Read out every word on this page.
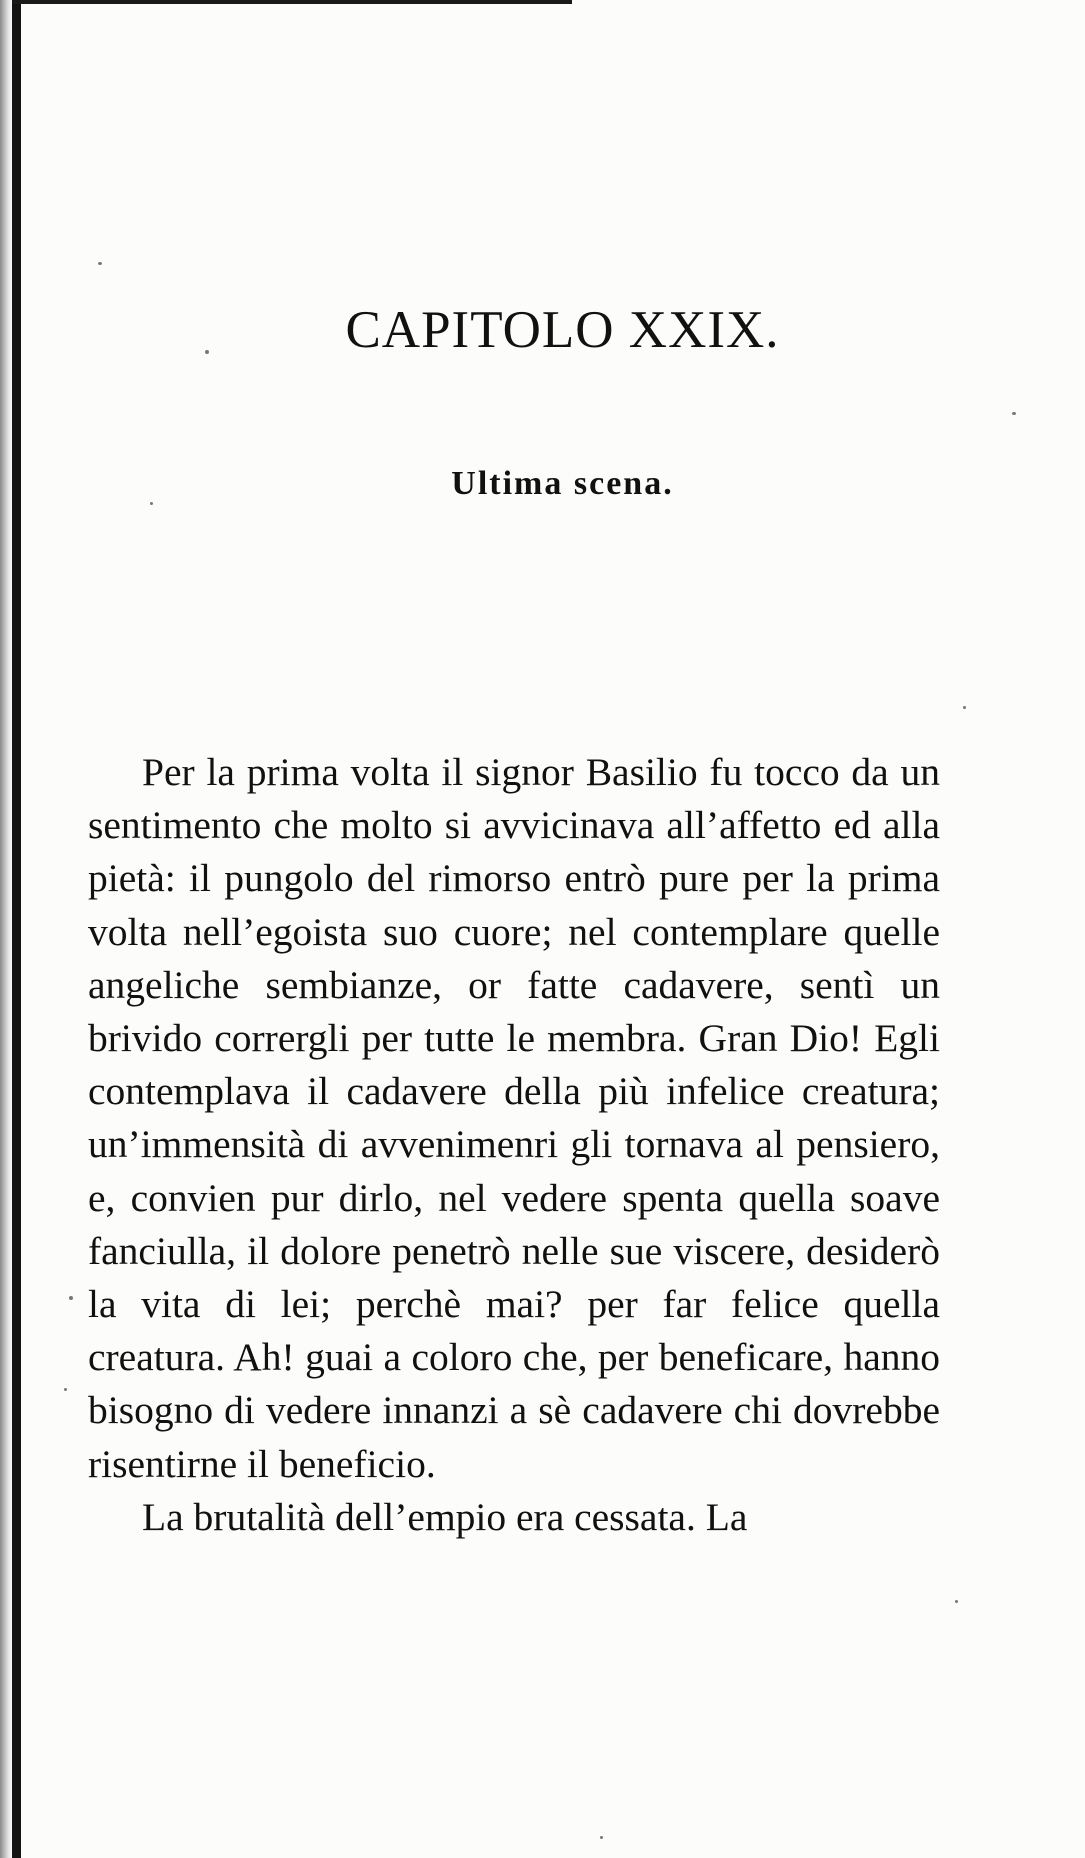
CAPITOLO XXIX.
Ultima scena.

Per la prima volta il signor Basilio fu tocco da un sentimento che molto si avvicinava all’affetto ed alla pietà: il pungolo del rimorso entrò pure per la prima volta nell’egoista suo cuore; nel contemplare quelle angeliche sembianze, or fatte cadavere, sentì un brivido corrergli per tutte le membra. Gran Dio! Egli contemplava il cadavere della più infelice creatura; un’immensità di avvenimenri gli tornava al pensiero, e, convien pur dirlo, nel vedere spenta quella soave fanciulla, il dolore penetrò nelle sue viscere, desiderò la vita di lei; perchè mai? per far felice quella creatura. Ah! guai a coloro che, per beneficare, hanno bisogno di vedere innanzi a sè cadavere chi dovrebbe risentirne il beneficio.

La brutalità dell’empio era cessata. La
